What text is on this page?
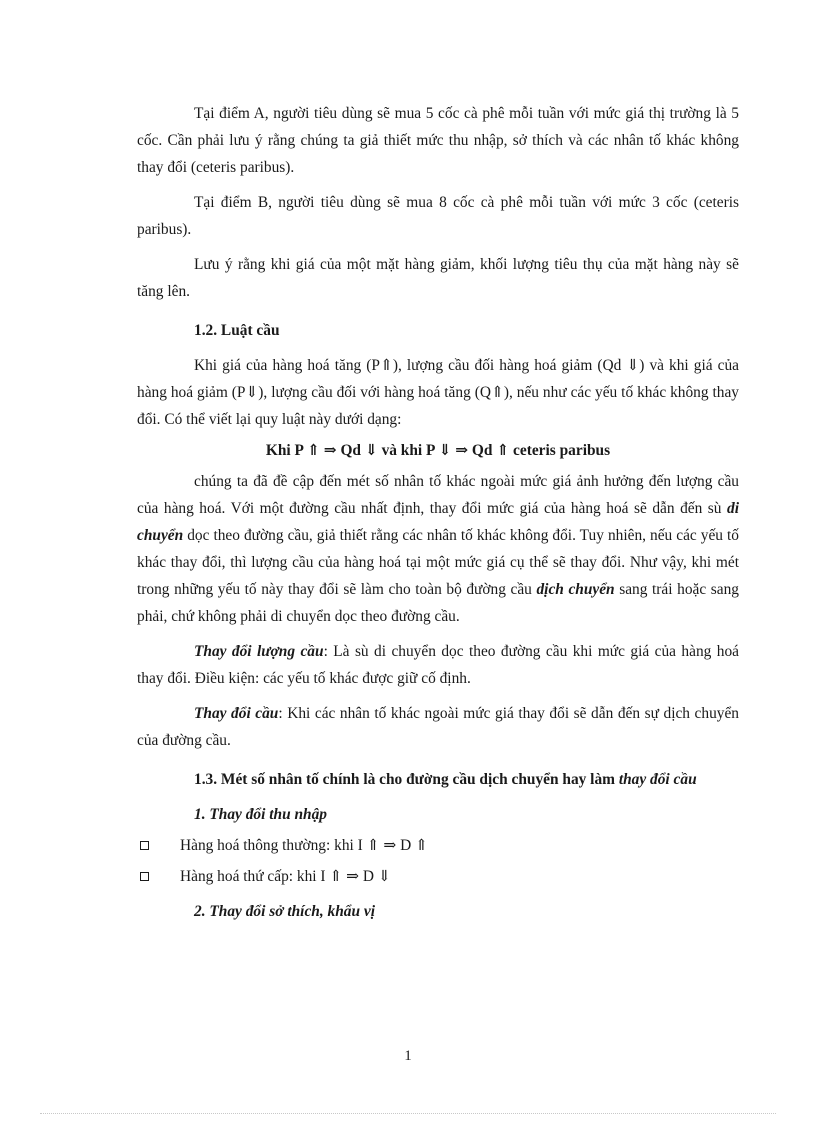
Tại điểm A, người tiêu dùng sẽ mua 5 cốc cà phê mỗi tuần với mức giá thị trường là 5 cốc. Cần phải lưu ý rằng chúng ta giả thiết mức thu nhập, sở thích và các nhân tố khác không thay đổi (ceteris paribus).

Tại điểm B, người tiêu dùng sẽ mua 8 cốc cà phê mỗi tuần với mức 3 cốc (ceteris paribus).

Lưu ý rằng khi giá của một mặt hàng giảm, khối lượng tiêu thụ của mặt hàng này sẽ tăng lên.

1.2. Luật cầu

Khi giá của hàng hoá tăng (P⇑), lượng cầu đối hàng hoá giảm (Qd ⇓) và khi giá của hàng hoá giảm (P⇓), lượng cầu đối với hàng hoá tăng (Q⇑), nếu như các yếu tố khác không thay đổi. Có thể viết lại quy luật này dưới dạng:

Khi P ⇑ ⇒ Qd ⇓ và khi P ⇓ ⇒ Qd ⇑ ceteris paribus

chúng ta đã đề cập đến mét số nhân tố khác ngoài mức giá ảnh hưởng đến lượng cầu của hàng hoá. Với một đường cầu nhất định, thay đổi mức giá của hàng hoá sẽ dẫn đến sù di chuyển dọc theo đường cầu, giả thiết rằng các nhân tố khác không đổi. Tuy nhiên, nếu các yếu tố khác thay đổi, thì lượng cầu của hàng hoá tại một mức giá cụ thể sẽ thay đổi. Như vậy, khi mét trong những yếu tố này thay đổi sẽ làm cho toàn bộ đường cầu dịch chuyển sang trái hoặc sang phải, chứ không phải di chuyển dọc theo đường cầu.

Thay đổi lượng cầu: Là sù di chuyển dọc theo đường cầu khi mức giá của hàng hoá thay đổi. Điều kiện: các yếu tố khác được giữ cố định.

Thay đổi cầu: Khi các nhân tố khác ngoài mức giá thay đổi sẽ dẫn đến sự dịch chuyển của đường cầu.

1.3. Mét số nhân tố chính là cho đường cầu dịch chuyển hay làm thay đổi cầu

1. Thay đổi thu nhập

Hàng hoá thông thường: khi I ⇑ ⇒ D ⇑
Hàng hoá thứ cấp: khi I ⇑ ⇒ D ⇓

2. Thay đổi sở thích, khẩu vị

1
